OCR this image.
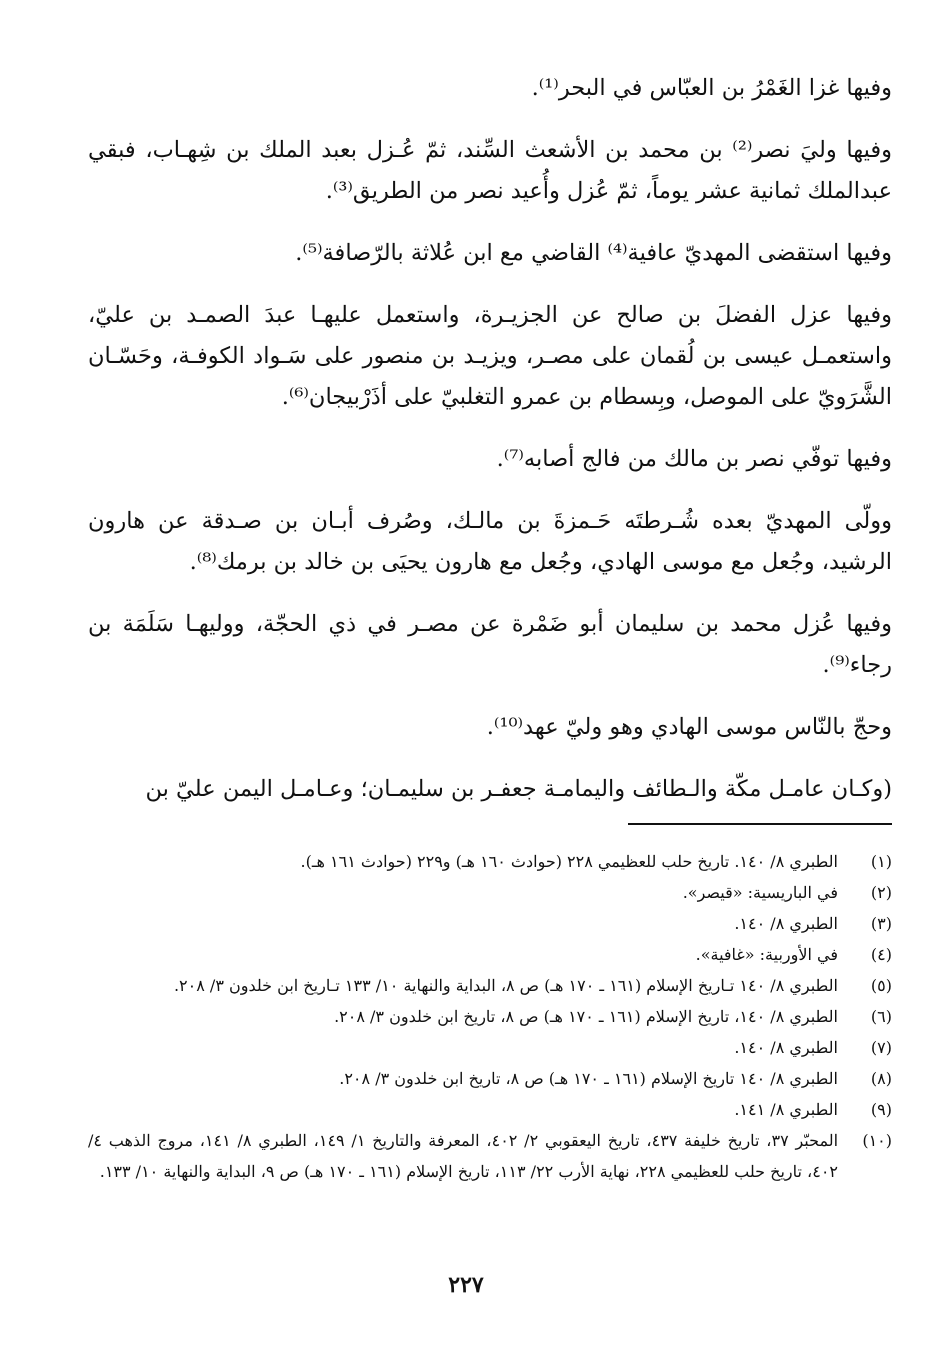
وفيها غزا الغَمْرُ بن العبّاس في البحر⁽¹⁾.

وفيها وليَ نصر⁽²⁾ بن محمد بن الأشعث السِّند، ثمّ عُـزل بعبد الملك بن شِهـاب، فبقي عبدالملك ثمانية عشر يوماً، ثمّ عُزل وأُعيد نصر من الطريق⁽³⁾.

وفيها استقضى المهديّ عافية⁽⁴⁾ القاضي مع ابن عُلاثة بالرّصافة⁽⁵⁾.

وفيها عزل الفضلَ بن صالح عن الجزيـرة، واستعمل عليهـا عبدَ الصمـد بن عليّ، واستعمـل عيسى بن لُقمان على مصـر، ويزيـد بن منصور على سَـواد الكوفـة، وحَسّـان الشَّرَويّ على الموصل، وبِسطام بن عمرو التغلبيّ على أذَرْبيجان⁽⁶⁾.

وفيها توفّي نصر بن مالك من فالج أصابه⁽⁷⁾.

وولّى المهديّ بعده شُـرطتَه حَـمزةَ بن مالـك، وصُرف أبـان بن صـدقة عن هارون الرشيد، وجُعل مع موسى الهادي، وجُعل مع هارون يحيَى بن خالد بن برمك⁽⁸⁾.

وفيها عُزل محمد بن سليمان أبو ضَمْرة عن مصـر في ذي الحجّة، ووليهـا سَلَمَة بن رجاء⁽⁹⁾.

وحجّ بالنّاس موسى الهادي وهو وليّ عهد⁽¹⁰⁾.

(وكـان عامـل مكّة والـطائف واليمامـة جعفـر بن سليمـان؛ وعـامـل اليمن عليّ بن

(١)
الطبري ٨/ ١٤٠. تاريخ حلب للعظيمي ٢٢٨ (حوادث ١٦٠ هـ) و٢٢٩ (حوادث ١٦١ هـ).
(٢)
في الباريسية: «قيصر».
(٣)
الطبري ٨/ ١٤٠.
(٤)
في الأوربية: «غافية».
(٥)
الطبري ٨/ ١٤٠ تـاريخ الإسلام (١٦١ ـ ١٧٠ هـ) ص ٨، البداية والنهاية ١٠/ ١٣٣ تـاريخ ابن خلدون ٣/ ٢٠٨.
(٦)
الطبري ٨/ ١٤٠، تاريخ الإسلام (١٦١ ـ ١٧٠ هـ) ص ٨، تاريخ ابن خلدون ٣/ ٢٠٨.
(٧)
الطبري ٨/ ١٤٠.
(٨)
الطبري ٨/ ١٤٠ تاريخ الإسلام (١٦١ ـ ١٧٠ هـ) ص ٨، تاريخ ابن خلدون ٣/ ٢٠٨.
(٩)
الطبري ٨/ ١٤١.
(١٠)
المحبّر ٣٧، تاريخ خليفة ٤٣٧، تاريخ اليعقوبي ٢/ ٤٠٢، المعرفة والتاريخ ١/ ١٤٩، الطبري ٨/ ١٤١، مروج الذهب ٤/ ٤٠٢، تاريخ حلب للعظيمي ٢٢٨، نهاية الأرب ٢٢/ ١١٣، تاريخ الإسلام (١٦١ ـ ١٧٠ هـ) ص ٩، البداية والنهاية ١٠/ ١٣٣.
٢٢٧
